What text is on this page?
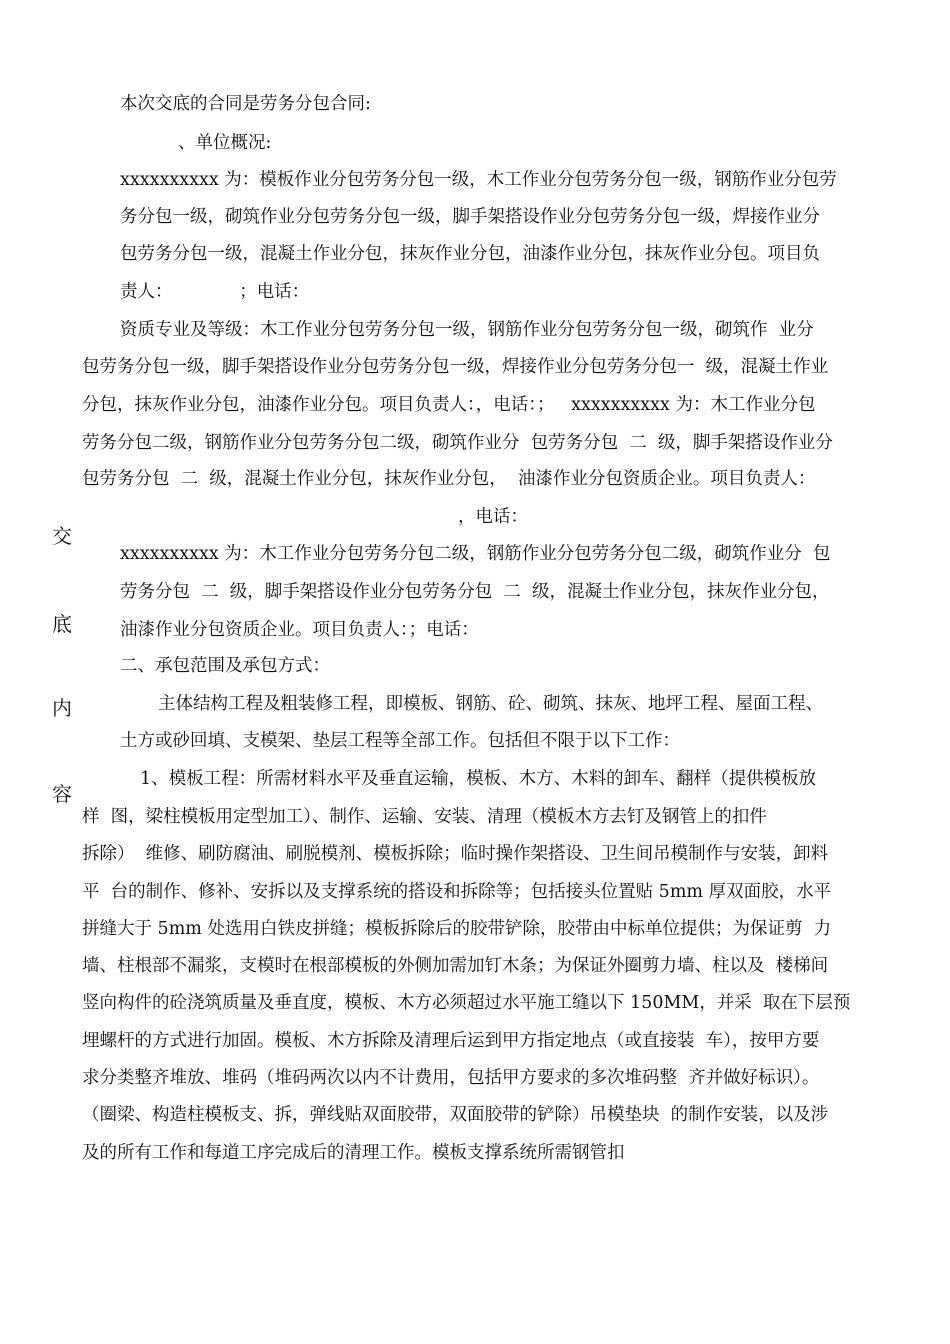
交
底
内
容
本次交底的合同是劳务分包合同:
、单位概况:
xxxxxxxxxx 为：模板作业分包劳务分包一级，木工作业分包劳务分包一级，钢筋作业分包劳
务分包一级，砌筑作业分包劳务分包一级，脚手架搭设作业分包劳务分包一级，焊接作业分
包劳务分包一级，混凝土作业分包，抹灰作业分包，油漆作业分包，抹灰作业分包。项目负
责人：            ；电话：
资质专业及等级：木工作业分包劳务分包一级，钢筋作业分包劳务分包一级，砌筑作  业分
包劳务分包一级，脚手架搭设作业分包劳务分包一级，焊接作业分包劳务分包一  级，混凝土作业
分包，抹灰作业分包，油漆作业分包。项目负责人：，电话：；   xxxxxxxxxx 为：木工作业分包
劳务分包二级，钢筋作业分包劳务分包二级，砌筑作业分  包劳务分包  二  级，脚手架搭设作业分
包劳务分包  二  级，混凝土作业分包，抹灰作业分包，  油漆作业分包资质企业。项目负责人：
，电话：
xxxxxxxxxx 为：木工作业分包劳务分包二级，钢筋作业分包劳务分包二级，砌筑作业分  包
劳务分包  二  级，脚手架搭设作业分包劳务分包  二  级，混凝土作业分包，抹灰作业分包，
油漆作业分包资质企业。项目负责人：；电话：
二、承包范围及承包方式：
主体结构工程及粗装修工程，即模板、钢筋、砼、砌筑、抹灰、地坪工程、屋面工程、
土方或砂回填、支模架、垫层工程等全部工作。包括但不限于以下工作：
1、模板工程：所需材料水平及垂直运输，模板、木方、木料的卸车、翻样（提供模板放
样  图，梁柱模板用定型加工）、制作、运输、安装、清理（模板木方去钉及钢管上的扣件
拆除）  维修、刷防腐油、刷脱模剂、模板拆除；临时操作架搭设、卫生间吊模制作与安装，卸料
平  台的制作、修补、安拆以及支撑系统的搭设和拆除等；包括接头位置贴 5mm 厚双面胶，水平
拼缝大于 5mm 处选用白铁皮拼缝；模板拆除后的胶带铲除，胶带由中标单位提供；为保证剪  力
墙、柱根部不漏浆，支模时在根部模板的外侧加需加钉木条；为保证外圈剪力墙、柱以及  楼梯间
竖向构件的砼浇筑质量及垂直度，模板、木方必须超过水平施工缝以下 150MM，并采  取在下层预
埋螺杆的方式进行加固。模板、木方拆除及清理后运到甲方指定地点（或直接装  车），按甲方要
求分类整齐堆放、堆码（堆码两次以内不计费用，包括甲方要求的多次堆码整  齐并做好标识）。
（圈梁、构造柱模板支、拆，弹线贴双面胶带，双面胶带的铲除）吊模垫块  的制作安装，以及涉
及的所有工作和每道工序完成后的清理工作。模板支撑系统所需钢管扣
